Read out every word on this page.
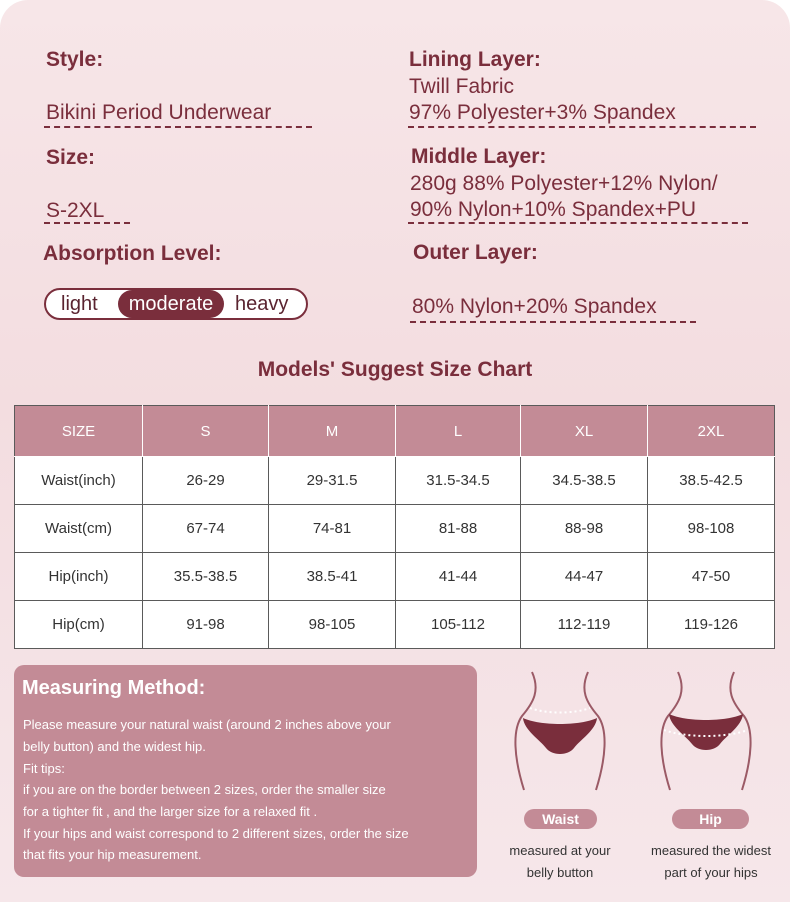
Style:
Bikini Period Underwear
Size:
S-2XL
Absorption Level:
light	moderate	heavy
Lining Layer:
Twill Fabric
97% Polyester+3% Spandex
Middle Layer:
280g 88% Polyester+12% Nylon/
90% Nylon+10% Spandex+PU
Outer Layer:
80% Nylon+20% Spandex
Models' Suggest Size Chart
SIZE	S	M	L	XL	2XL
Waist(inch)	26-29	29-31.5	31.5-34.5	34.5-38.5	38.5-42.5
Waist(cm)	67-74	74-81	81-88	88-98	98-108
Hip(inch)	35.5-38.5	38.5-41	41-44	44-47	47-50
Hip(cm)	91-98	98-105	105-112	112-119	119-126
Measuring Method:

Please measure your natural waist (around 2 inches above your

belly button) and the widest hip.

Fit tips:

if you are on the border between 2 sizes, order the smaller size

for a tighter fit , and the larger size for a relaxed fit .

If your hips and waist correspond to 2 different sizes, order the size

that fits your hip measurement.

Waist
measured at your
belly button
Hip
measured the widest
part of your hips
